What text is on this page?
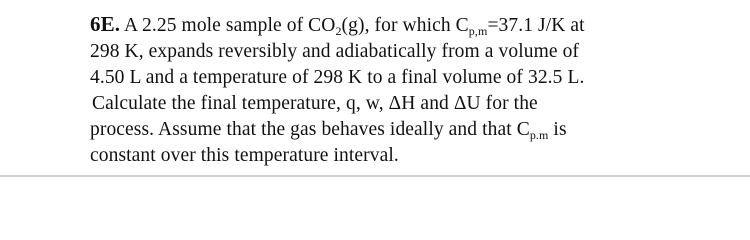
6E. A 2.25 mole sample of $CO_2(g)$, for which $C_{p,m}=37.1$ J/K at
298 K, expands reversibly and adiabatically from a volume of
4.50 L and a temperature of 298 K to a final volume of 32.5 L.
Calculate the final temperature, q, w, ΔH and ΔU for the
process. Assume that the gas behaves ideally and that $C_{p.m}$ is
constant over this temperature interval.
